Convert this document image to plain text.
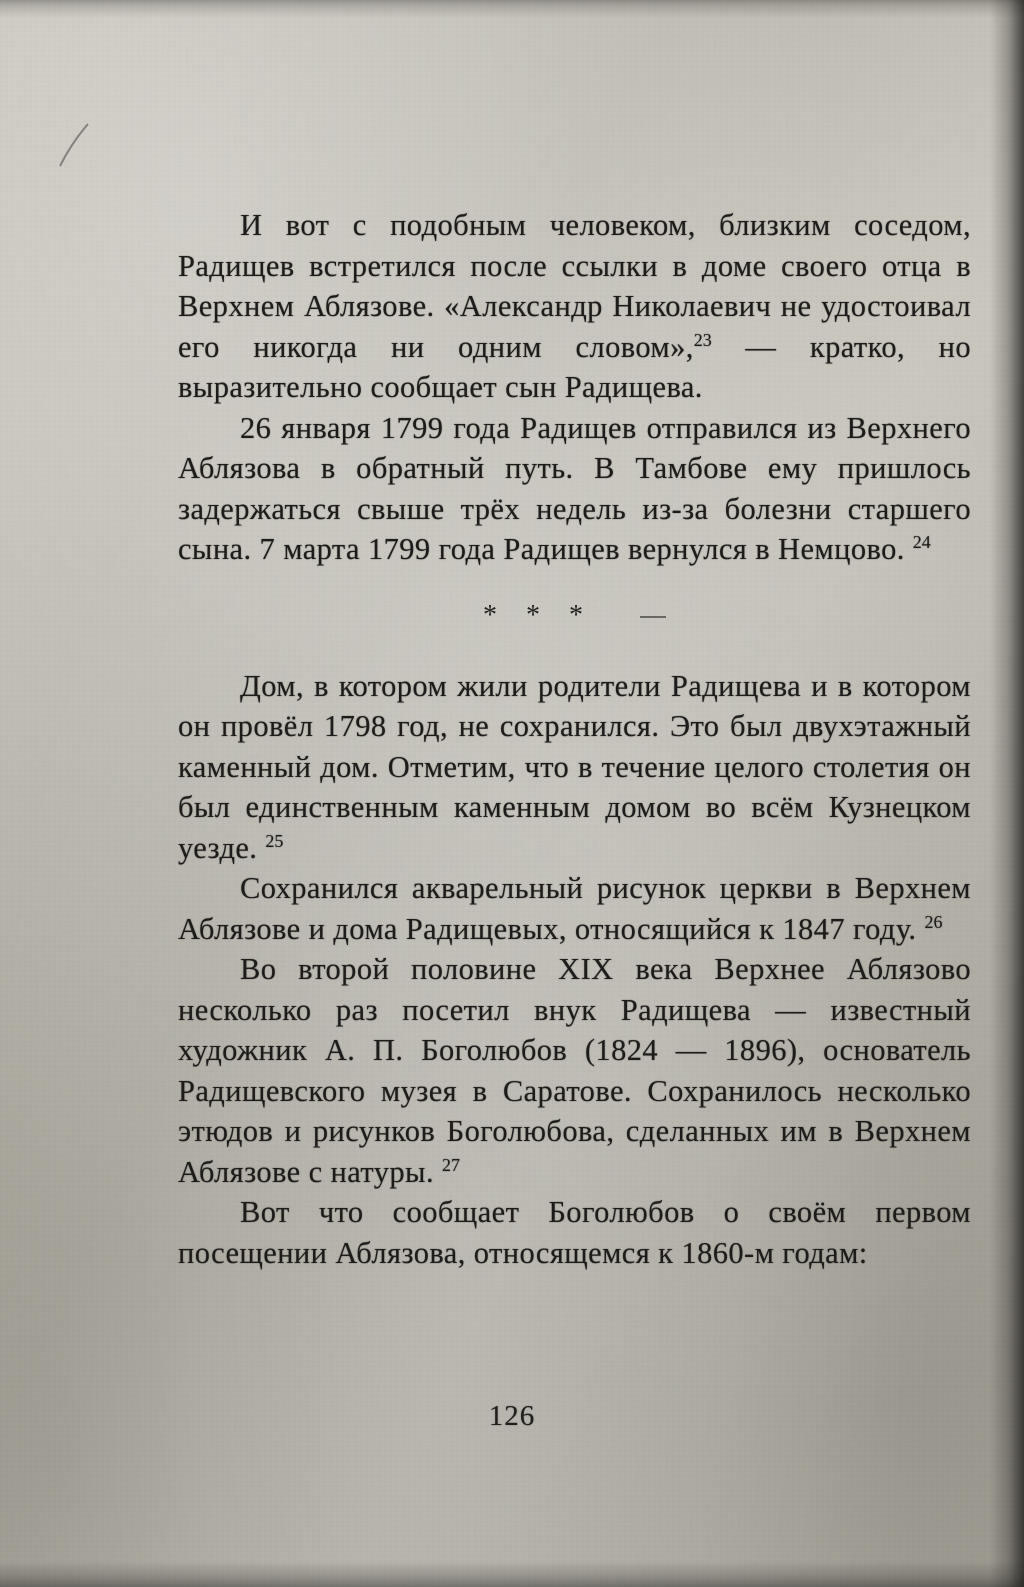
И вот с подобным человеком, близким соседом, Радищев встретился после ссылки в доме своего отца в Верхнем Аблязове. «Александр Николаевич не удостоивал его никогда ни одним словом»,$^{23}$ — кратко, но выразительно сообщает сын Радищева.

26 января 1799 года Радищев отправился из Верхнего Аблязова в обратный путь. В Тамбове ему пришлось задержаться свыше трёх недель из-за болезни старшего сына. 7 марта 1799 года Радищев вернулся в Немцово. $^{24}$

* * *

Дом, в котором жили родители Радищева и в котором он провёл 1798 год, не сохранился. Это был двухэтажный каменный дом. Отметим, что в течение целого столетия он был единственным каменным домом во всём Кузнецком уезде. $^{25}$

Сохранился акварельный рисунок церкви в Верхнем Аблязове и дома Радищевых, относящийся к 1847 году. $^{26}$

Во второй половине XIX века Верхнее Аблязово несколько раз посетил внук Радищева — известный художник А. П. Боголюбов (1824 — 1896), основатель Радищевского музея в Саратове. Сохранилось несколько этюдов и рисунков Боголюбова, сделанных им в Верхнем Аблязове с натуры. $^{27}$

Вот что сообщает Боголюбов о своём первом посещении Аблязова, относящемся к 1860-м годам:

126
